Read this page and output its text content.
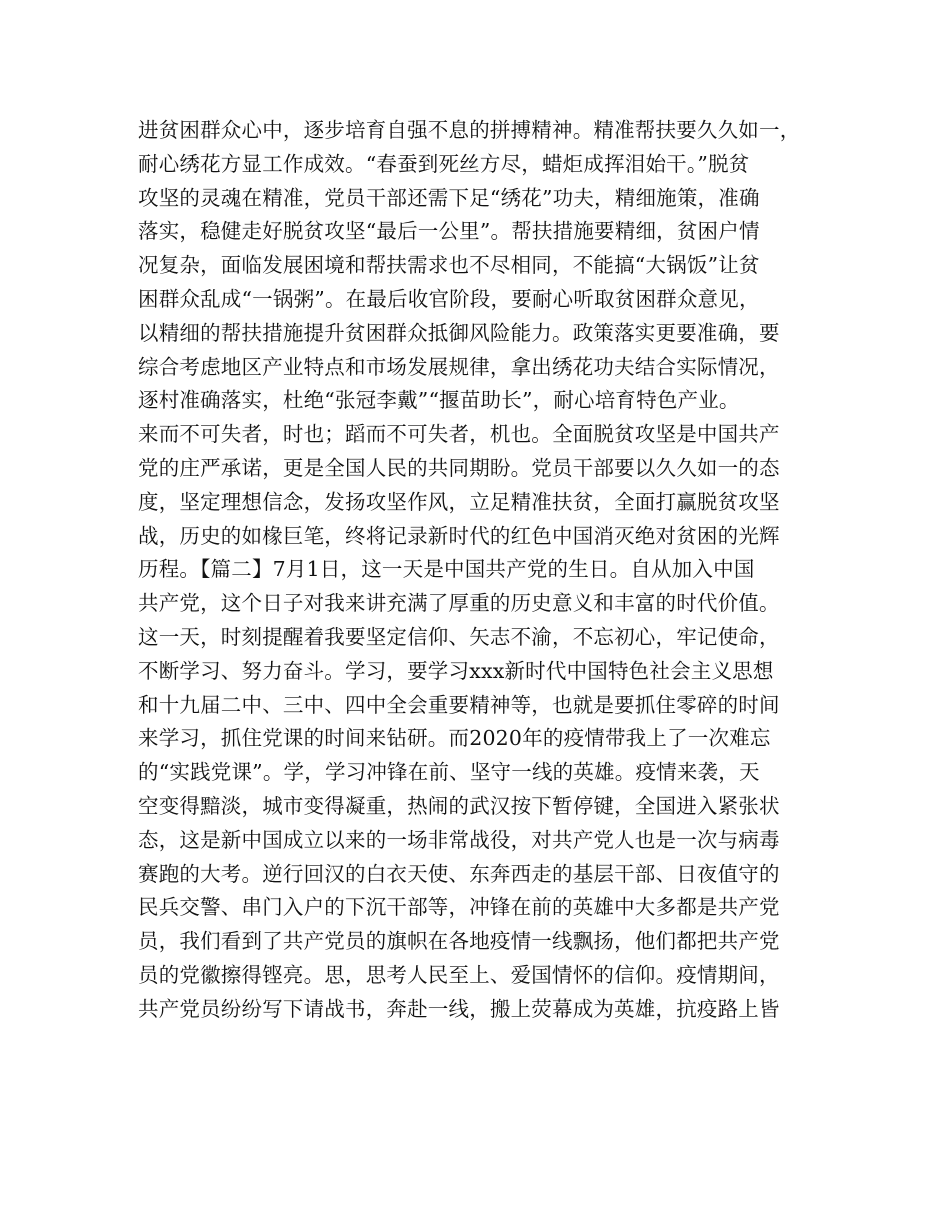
进贫困群众心中，逐步培育自强不息的拼搏精神。精准帮扶要久久如一，
耐心绣花方显工作成效。“春蚕到死丝方尽，蜡炬成挥泪始干。”脱贫
攻坚的灵魂在精准，党员干部还需下足“绣花”功夫，精细施策，准确
落实，稳健走好脱贫攻坚“最后一公里”。帮扶措施要精细，贫困户情
况复杂，面临发展困境和帮扶需求也不尽相同，不能搞“大锅饭”让贫
困群众乱成“一锅粥”。在最后收官阶段，要耐心听取贫困群众意见，
以精细的帮扶措施提升贫困群众抵御风险能力。政策落实更要准确，要
综合考虑地区产业特点和市场发展规律，拿出绣花功夫结合实际情况，
逐村准确落实，杜绝“张冠李戴”“揠苗助长”，耐心培育特色产业。
来而不可失者，时也；蹈而不可失者，机也。全面脱贫攻坚是中国共产
党的庄严承诺，更是全国人民的共同期盼。党员干部要以久久如一的态
度，坚定理想信念，发扬攻坚作风，立足精准扶贫，全面打赢脱贫攻坚
战，历史的如椽巨笔，终将记录新时代的红色中国消灭绝对贫困的光辉
历程。【篇二】7月1日，这一天是中国共产党的生日。自从加入中国
共产党，这个日子对我来讲充满了厚重的历史意义和丰富的时代价值。
这一天，时刻提醒着我要坚定信仰、矢志不渝，不忘初心，牢记使命，
不断学习、努力奋斗。学习，要学习xxx新时代中国特色社会主义思想
和十九届二中、三中、四中全会重要精神等，也就是要抓住零碎的时间
来学习，抓住党课的时间来钻研。而2020年的疫情带我上了一次难忘
的“实践党课”。学，学习冲锋在前、坚守一线的英雄。疫情来袭，天
空变得黯淡，城市变得凝重，热闹的武汉按下暂停键，全国进入紧张状
态，这是新中国成立以来的一场非常战役，对共产党人也是一次与病毒
赛跑的大考。逆行回汉的白衣天使、东奔西走的基层干部、日夜值守的
民兵交警、串门入户的下沉干部等，冲锋在前的英雄中大多都是共产党
员，我们看到了共产党员的旗帜在各地疫情一线飘扬，他们都把共产党
员的党徽擦得铿亮。思，思考人民至上、爱国情怀的信仰。疫情期间，
共产党员纷纷写下请战书，奔赴一线，搬上荧幕成为英雄，抗疫路上皆
